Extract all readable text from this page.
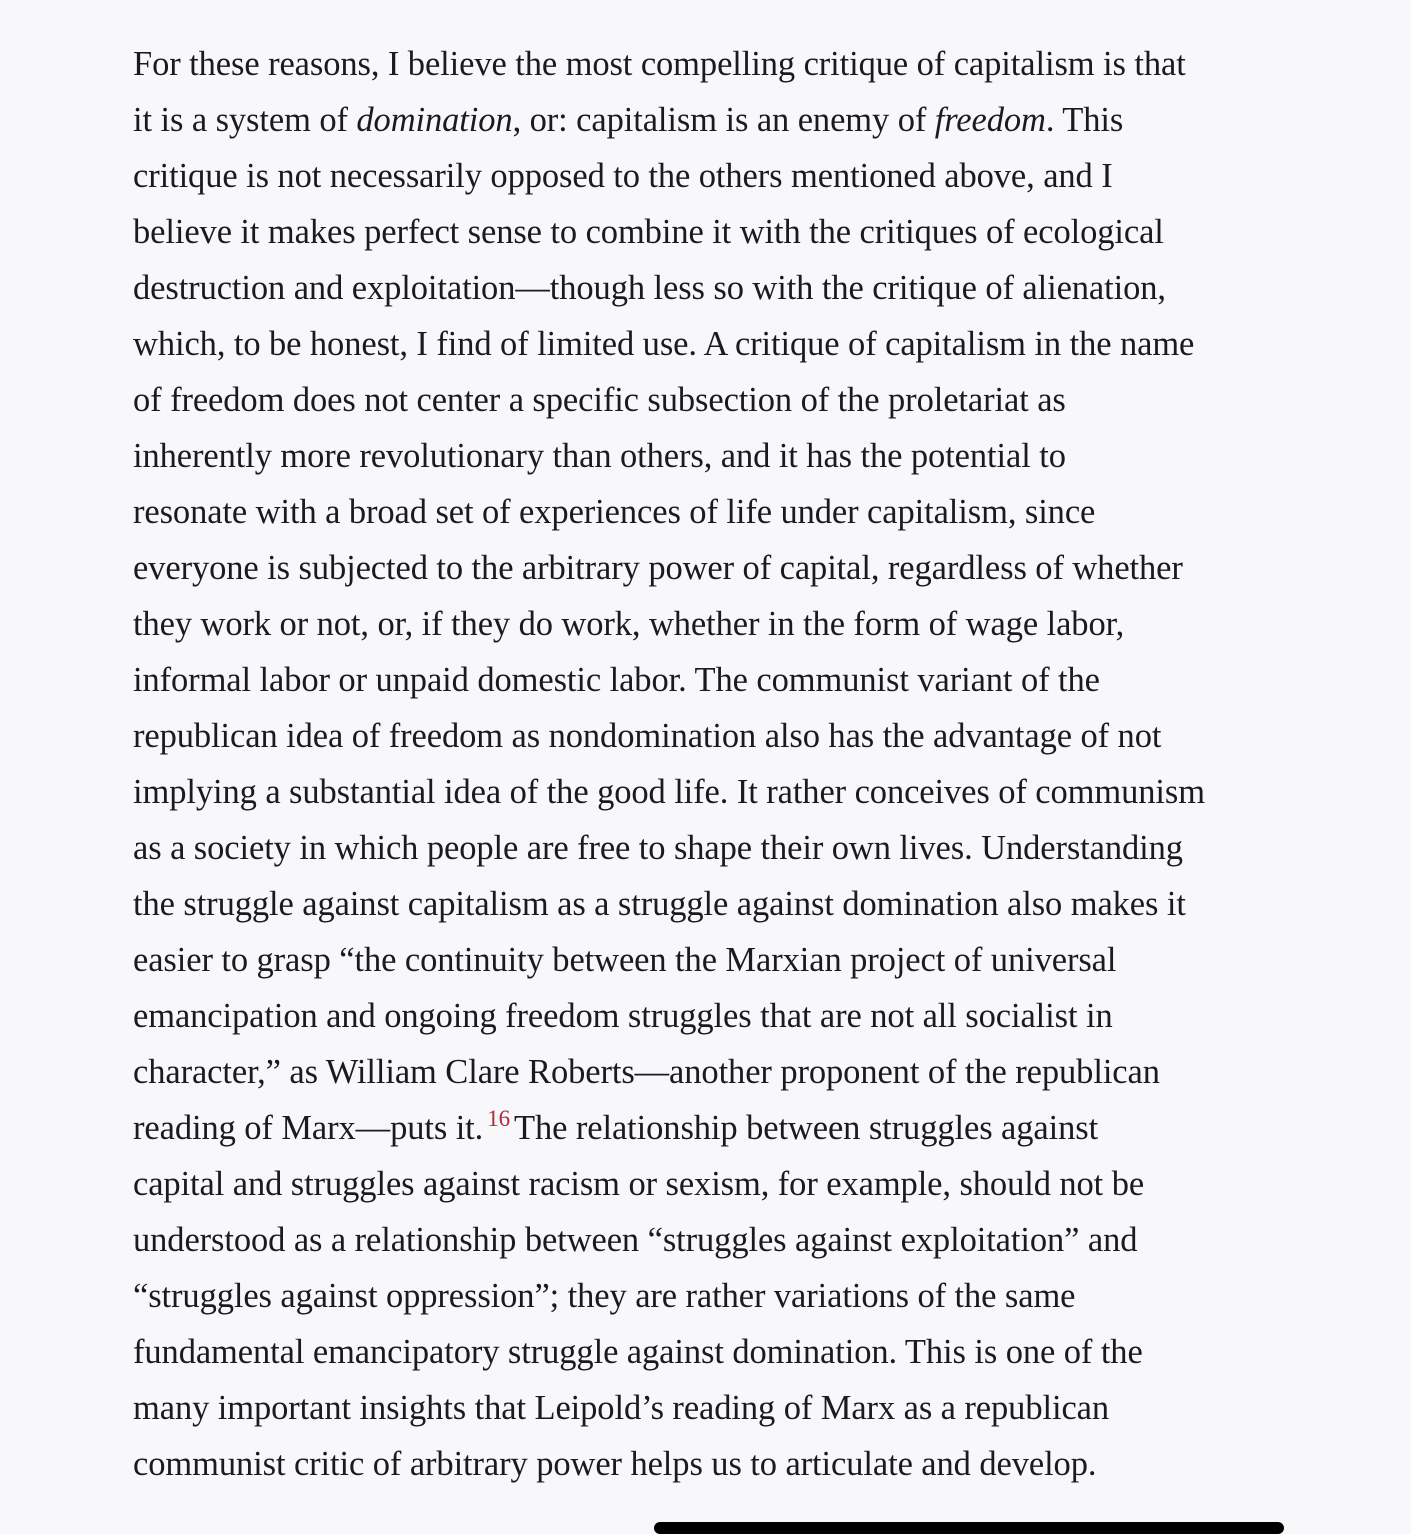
For these reasons, I believe the most compelling critique of capitalism is that
it is a system of domination, or: capitalism is an enemy of freedom. This
critique is not necessarily opposed to the others mentioned above, and I
believe it makes perfect sense to combine it with the critiques of ecological
destruction and exploitation—though less so with the critique of alienation,
which, to be honest, I find of limited use. A critique of capitalism in the name
of freedom does not center a specific subsection of the proletariat as
inherently more revolutionary than others, and it has the potential to
resonate with a broad set of experiences of life under capitalism, since
everyone is subjected to the arbitrary power of capital, regardless of whether
they work or not, or, if they do work, whether in the form of wage labor,
informal labor or unpaid domestic labor. The communist variant of the
republican idea of freedom as nondomination also has the advantage of not
implying a substantial idea of the good life. It rather conceives of communism
as a society in which people are free to shape their own lives. Understanding
the struggle against capitalism as a struggle against domination also makes it
easier to grasp “the continuity between the Marxian project of universal
emancipation and ongoing freedom struggles that are not all socialist in
character,” as William Clare Roberts—another proponent of the republican
reading of Marx—puts it. $^{16}$ The relationship between struggles against
capital and struggles against racism or sexism, for example, should not be
understood as a relationship between “struggles against exploitation” and
“struggles against oppression”; they are rather variations of the same
fundamental emancipatory struggle against domination. This is one of the
many important insights that Leipold’s reading of Marx as a republican
communist critic of arbitrary power helps us to articulate and develop.
